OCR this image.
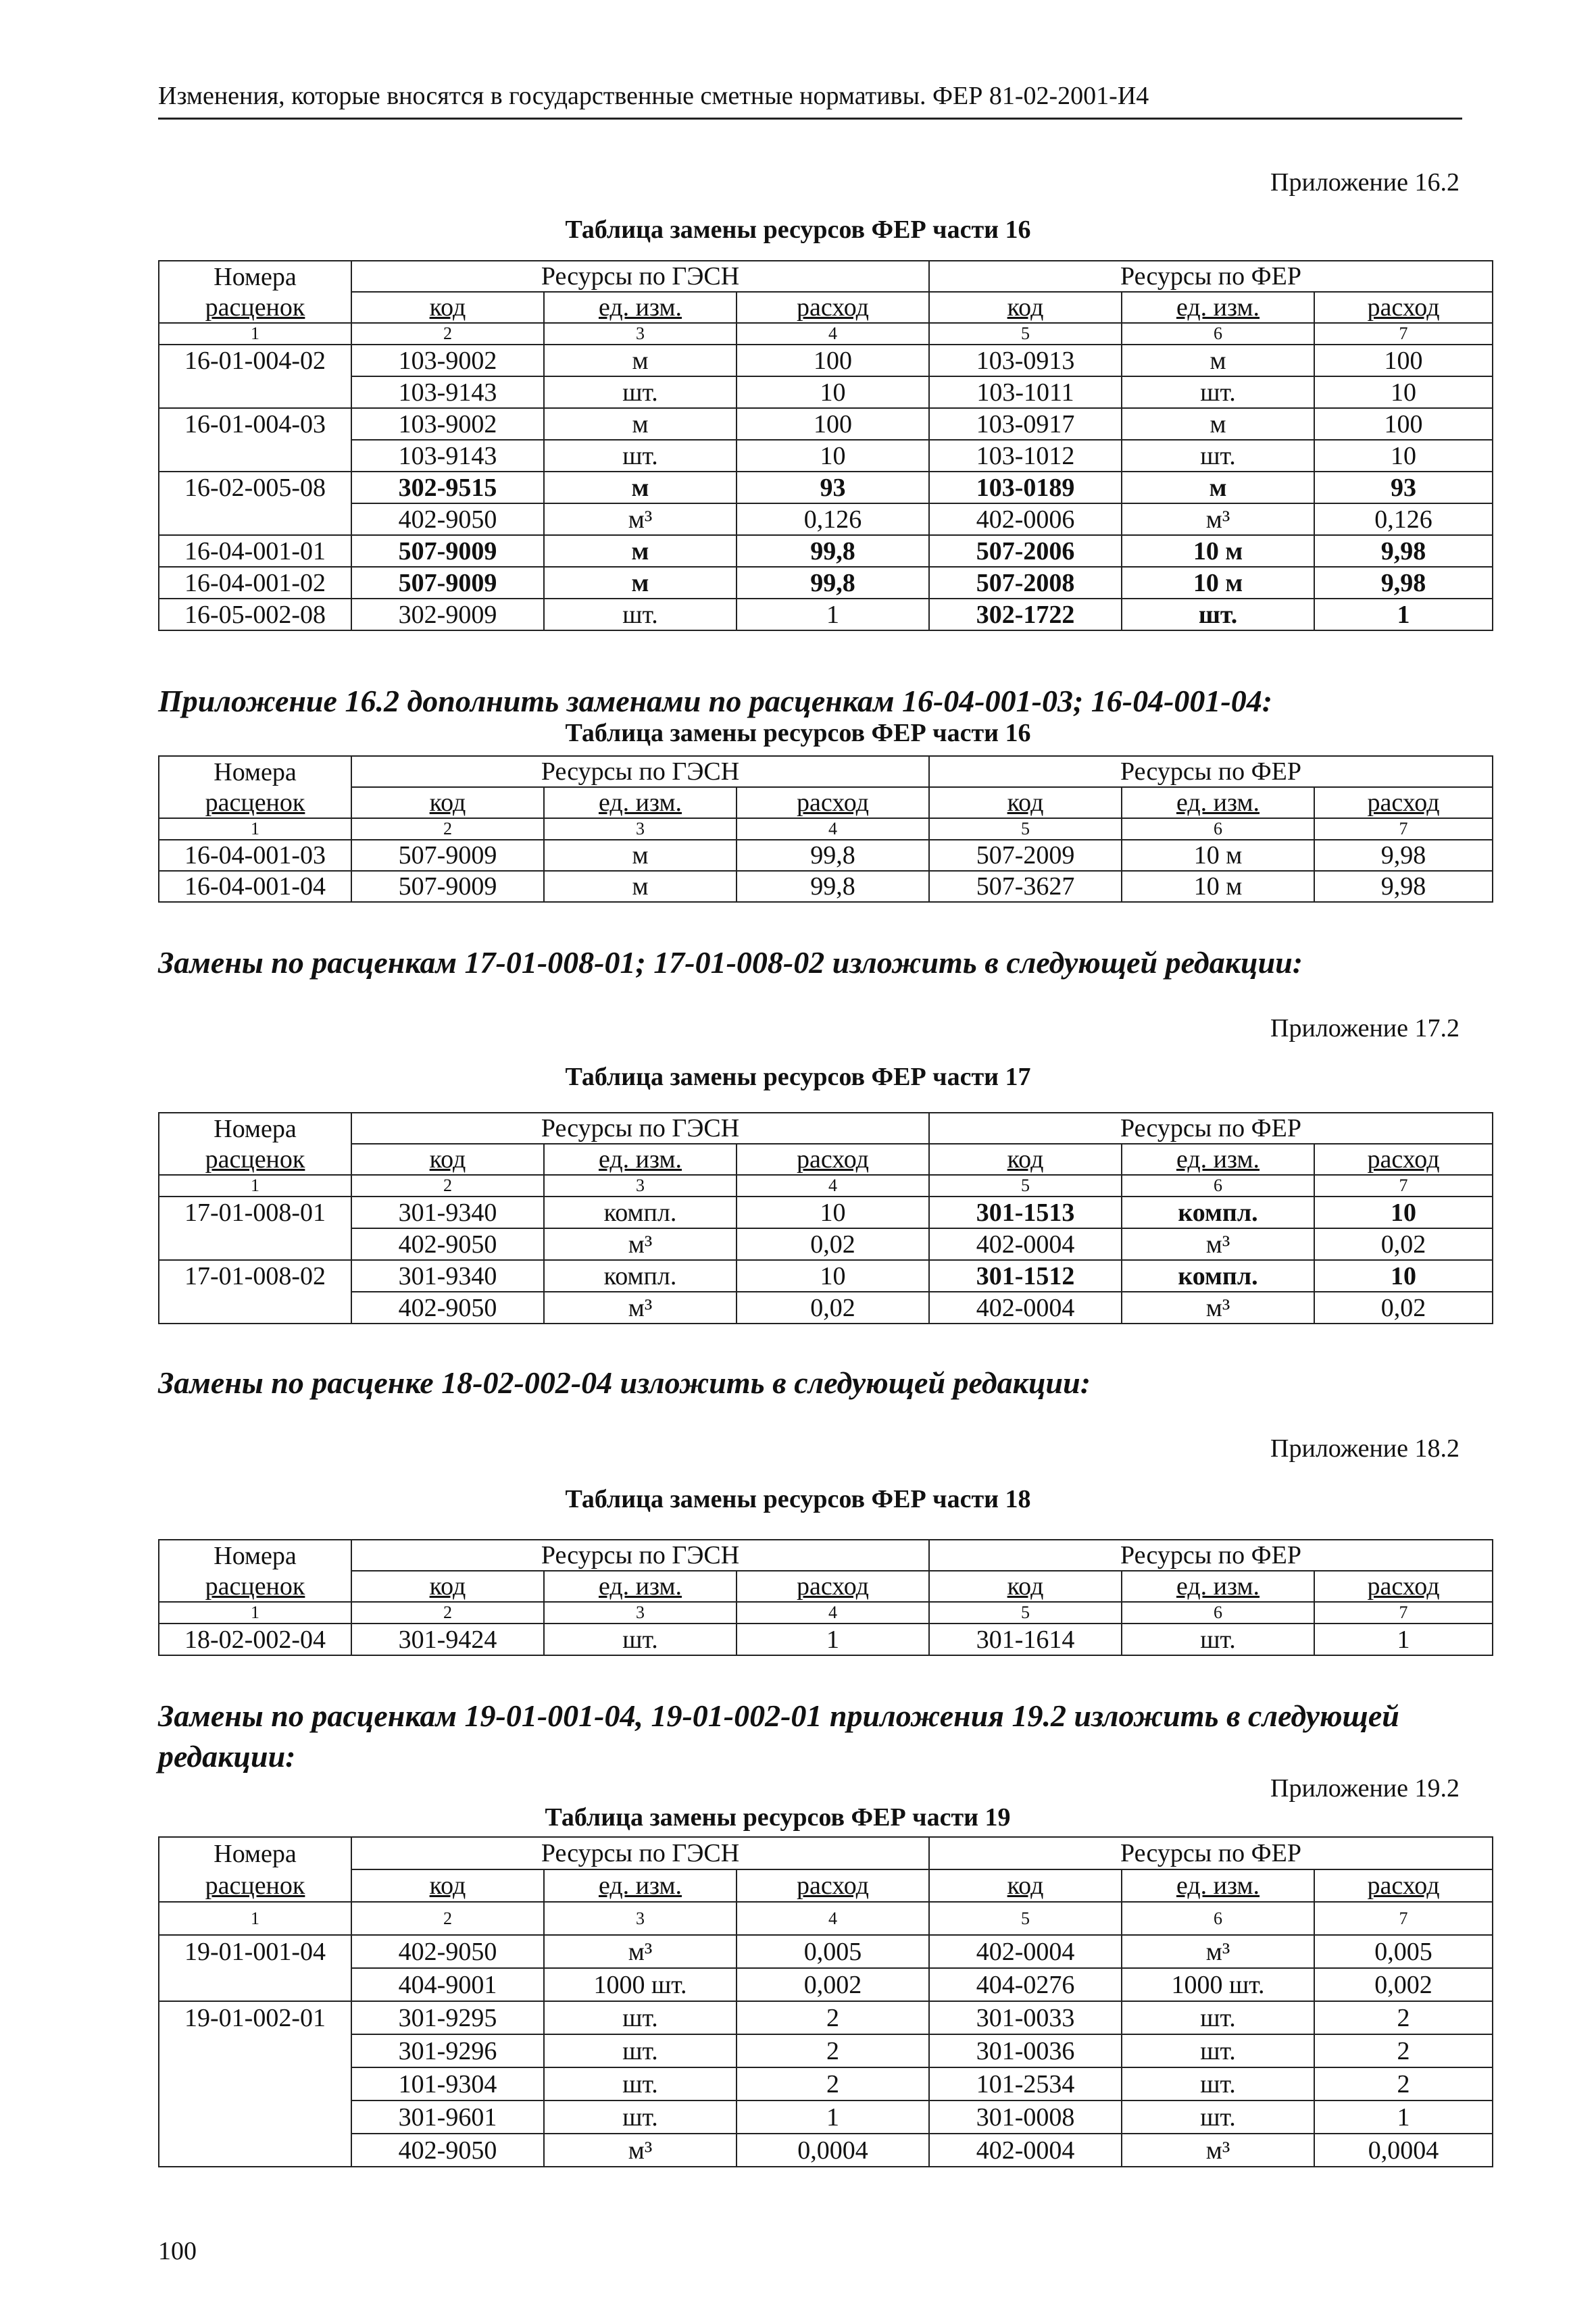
Изменения, которые вносятся в государственные сметные нормативы. ФЕР 81-02-2001-И4
Приложение 16.2
Таблица замены ресурсов ФЕР части 16
Номера	Ресурсы по ГЭСН			Ресурсы по ФЕР		
расценок	код	ед. изм.	расход	код	ед. изм.	расход
1	2	3	4	5	6	7
16-01-004-02	103-9002	м	100	103-0913	м	100
	103-9143	шт.	10	103-1011	шт.	10
16-01-004-03	103-9002	м	100	103-0917	м	100
	103-9143	шт.	10	103-1012	шт.	10
16-02-005-08	302-9515	м	93	103-0189	м	93
	402-9050	м³	0,126	402-0006	м³	0,126
16-04-001-01	507-9009	м	99,8	507-2006	10 м	9,98
16-04-001-02	507-9009	м	99,8	507-2008	10 м	9,98
16-05-002-08	302-9009	шт.	1	302-1722	шт.	1
Приложение 16.2 дополнить заменами по расценкам 16-04-001-03; 16-04-001-04:
Таблица замены ресурсов ФЕР части 16
Номера	Ресурсы по ГЭСН			Ресурсы по ФЕР		
расценок	код	ед. изм.	расход	код	ед. изм.	расход
1	2	3	4	5	6	7
16-04-001-03	507-9009	м	99,8	507-2009	10 м	9,98
16-04-001-04	507-9009	м	99,8	507-3627	10 м	9,98
Замены по расценкам 17-01-008-01; 17-01-008-02 изложить в следующей редакции:
Приложение 17.2
Таблица замены ресурсов ФЕР части 17
Номера	Ресурсы по ГЭСН			Ресурсы по ФЕР		
расценок	код	ед. изм.	расход	код	ед. изм.	расход
1	2	3	4	5	6	7
17-01-008-01	301-9340	компл.	10	301-1513	компл.	10
	402-9050	м³	0,02	402-0004	м³	0,02
17-01-008-02	301-9340	компл.	10	301-1512	компл.	10
	402-9050	м³	0,02	402-0004	м³	0,02
Замены по расценке 18-02-002-04 изложить в следующей редакции:
Приложение 18.2
Таблица замены ресурсов ФЕР части 18
Номера	Ресурсы по ГЭСН			Ресурсы по ФЕР		
расценок	код	ед. изм.	расход	код	ед. изм.	расход
1	2	3	4	5	6	7
18-02-002-04	301-9424	шт.	1	301-1614	шт.	1
Замены по расценкам 19-01-001-04, 19-01-002-01 приложения 19.2 изложить в следующей
редакции:
Приложение 19.2
Таблица замены ресурсов ФЕР части 19
Номера	Ресурсы по ГЭСН			Ресурсы по ФЕР		
расценок	код	ед. изм.	расход	код	ед. изм.	расход
1	2	3	4	5	6	7
19-01-001-04	402-9050	м³	0,005	402-0004	м³	0,005
	404-9001	1000 шт.	0,002	404-0276	1000 шт.	0,002
19-01-002-01	301-9295	шт.	2	301-0033	шт.	2
	301-9296	шт.	2	301-0036	шт.	2
	101-9304	шт.	2	101-2534	шт.	2
	301-9601	шт.	1	301-0008	шт.	1
	402-9050	м³	0,0004	402-0004	м³	0,0004
100
